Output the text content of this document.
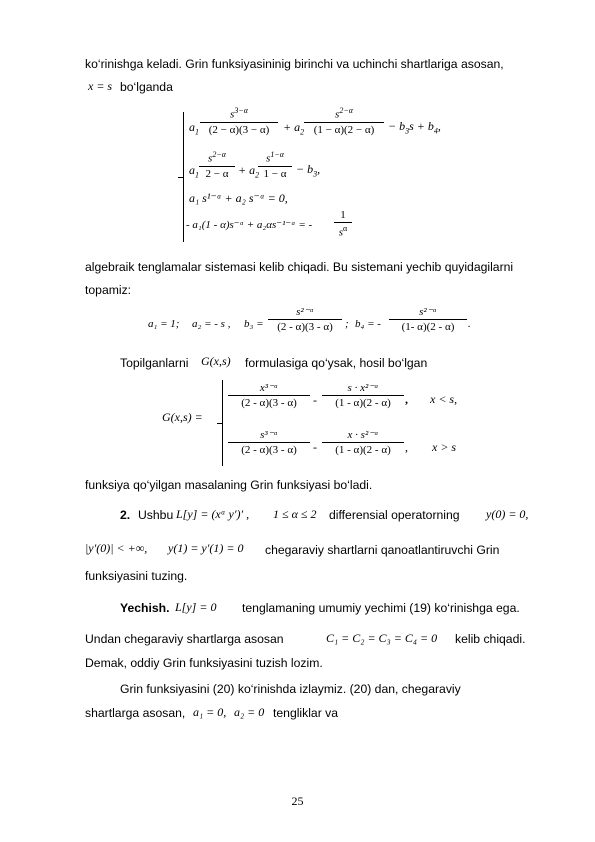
ko‘rinishga keladi. Grin funksiyasininig birinchi va uchinchi shartlariga asosan,
x = s bo‘lganda
$a_1 \frac{s^{3-\alpha}}{(2 - \alpha)(3 - \alpha)} + a_2 \frac{s^{2-\alpha}}{(1 - \alpha)(2 - \alpha)} - b_3s + b_4$,
$a_1 \frac{s^{2-\alpha}}{2 - \alpha} + a_2$
$\frac{s^{1-\alpha}}{1 - \alpha} - b_3$,
a₁ s¹⁻ᵅ + a₂ s⁻ᵅ = 0,
- a₁(1 - α)s⁻ᵅ + a₂αs⁻¹⁻ᵅ = - $\frac{1}{s^\alpha}$
algebraik tenglamalar sistemasi kelib chiqadi. Bu sistemani yechib quyidagilarni
topamiz:
a₁ = 1; a₂ = - s , $b_3 = \frac{\text{s²⁻ᵅ}}{(2 - \alpha)(3 - \alpha)}$ ; b₄ = - $\frac{\text{s²⁻ᵅ}}{(1- \alpha)(2 - \alpha)}$ .
Topilganlarni G(x,s) formulasiga qo‘ysak, hosil bo‘lgan
G(x,s) =
$\frac{\text{x³⁻ᵅ}}{(2 - \alpha)(3 - \alpha)} - \frac{\text{s · x²⁻ᵅ}}{(1 - \alpha)(2 - \alpha)}$ , x < s,
$\frac{\text{s³⁻ᵅ}}{(2 - \alpha)(3 - \alpha)} - \frac{\text{x · s²⁻ᵅ}}{(1 - \alpha)(2 - \alpha)}$ , x > s
funksiya qo‘yilgan masalaning Grin funksiyasi bo‘ladi.
2. Ushbu L[y] = (xᵅ y′)′ , 1 ≤ α ≤ 2 differensial operatorning y(0) = 0,
|y′(0)| < +∞, y(1) = y′(1) = 0 chegaraviy shartlarni qanoatlantiruvchi Grin
funksiyasini tuzing.
Yechish. L[y] = 0 tenglamaning umumiy yechimi (19) ko‘rinishga ega.
Undan chegaraviy shartlarga asosan	C₁ = C₂ = C₃ = C₄ = 0 kelib chiqadi.
Demak, oddiy Grin funksiyasini tuzish lozim.
Grin funksiyasini (20) ko‘rinishda izlaymiz. (20) dan, chegaraviy
shartlarga asosan, a₁ = 0, a₂ = 0 tengliklar va
25
